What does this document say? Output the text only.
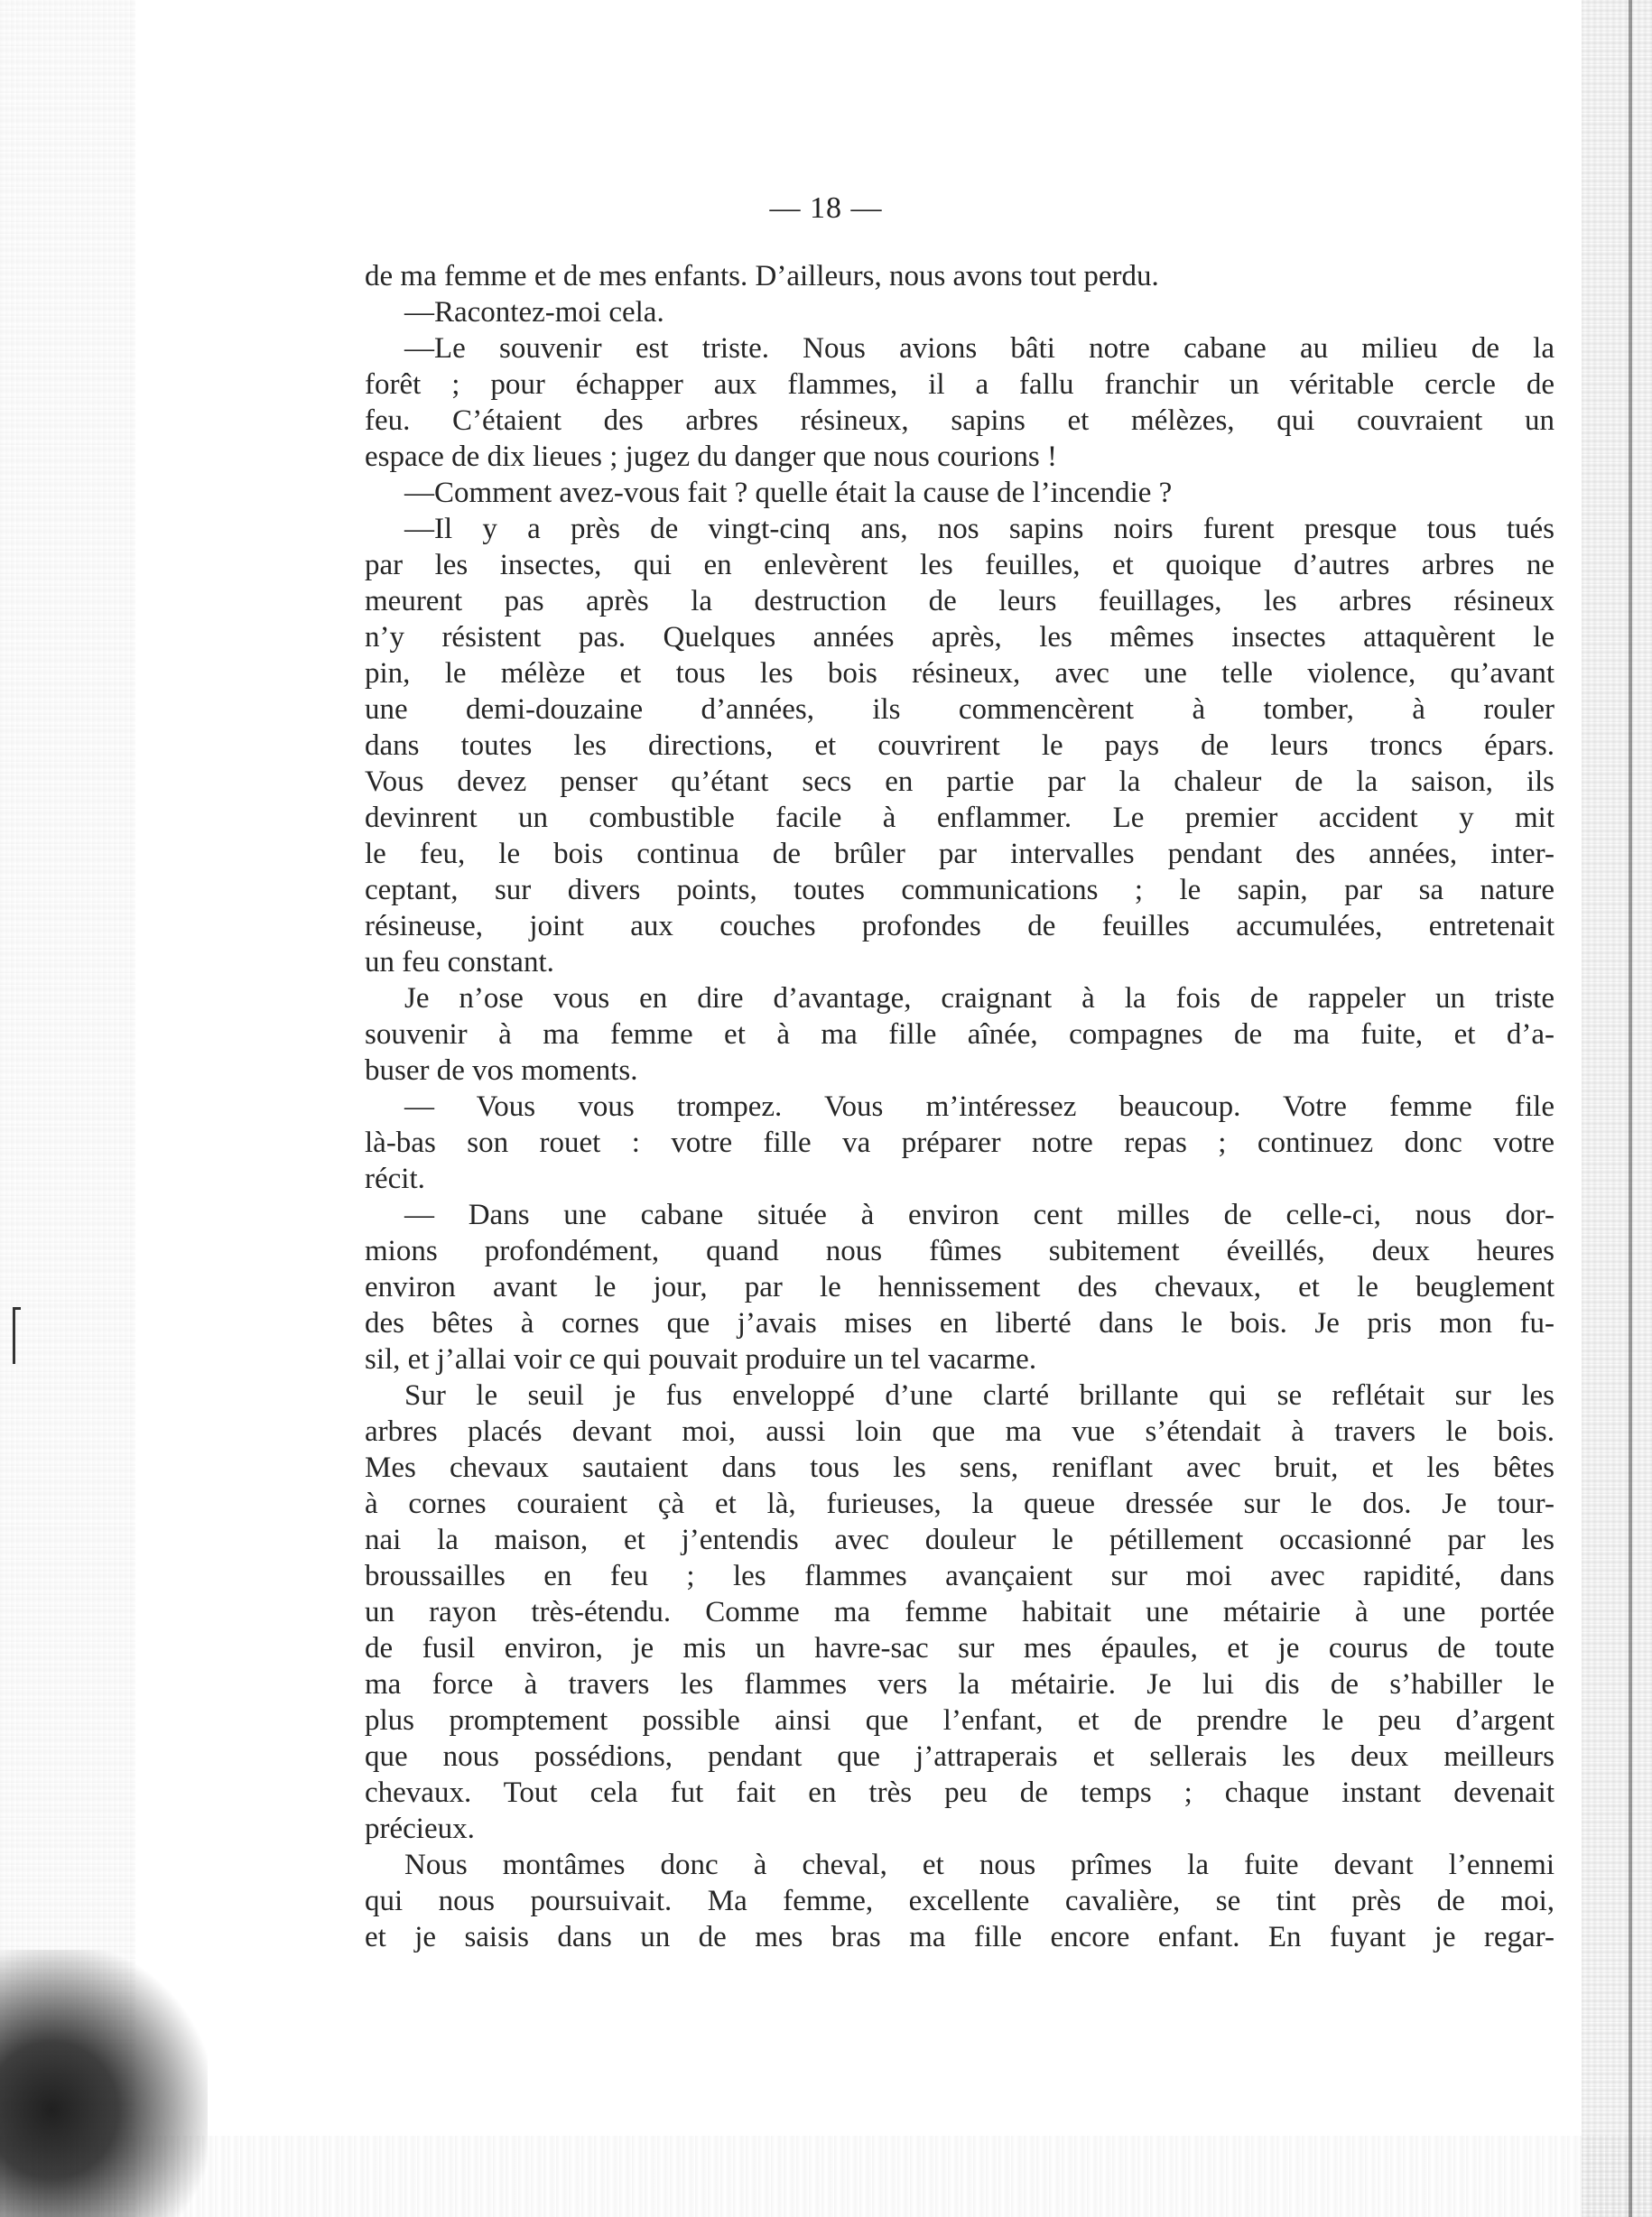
— 18 —
de ma femme et de mes enfants. D’ailleurs, nous avons tout perdu.
—Racontez-moi cela.
—Le souvenir est triste. Nous avions bâti notre cabane au milieu de la
forêt ; pour échapper aux flammes, il a fallu franchir un véritable cercle de
feu. C’étaient des arbres résineux, sapins et mélèzes, qui couvraient un
espace de dix lieues ; jugez du danger que nous courions !
—Comment avez-vous fait ? quelle était la cause de l’incendie ?
—Il y a près de vingt-cinq ans, nos sapins noirs furent presque tous tués
par les insectes, qui en enlevèrent les feuilles, et quoique d’autres arbres ne
meurent pas après la destruction de leurs feuillages, les arbres résineux
n’y résistent pas. Quelques années après, les mêmes insectes attaquèrent le
pin, le mélèze et tous les bois résineux, avec une telle violence, qu’avant
une demi-douzaine d’années, ils commencèrent à tomber, à rouler
dans toutes les directions, et couvrirent le pays de leurs troncs épars.
Vous devez penser qu’étant secs en partie par la chaleur de la saison, ils
devinrent un combustible facile à enflammer. Le premier accident y mit
le feu, le bois continua de brûler par intervalles pendant des années, inter-
ceptant, sur divers points, toutes communications ; le sapin, par sa nature
résineuse, joint aux couches profondes de feuilles accumulées, entretenait
un feu constant.
Je n’ose vous en dire d’avantage, craignant à la fois de rappeler un triste
souvenir à ma femme et à ma fille aînée, compagnes de ma fuite, et d’a-
buser de vos moments.
— Vous vous trompez. Vous m’intéressez beaucoup. Votre femme file
là-bas son rouet : votre fille va préparer notre repas ; continuez donc votre
récit.
— Dans une cabane située à environ cent milles de celle-ci, nous dor-
mions profondément, quand nous fûmes subitement éveillés, deux heures
environ avant le jour, par le hennissement des chevaux, et le beuglement
des bêtes à cornes que j’avais mises en liberté dans le bois. Je pris mon fu-
sil, et j’allai voir ce qui pouvait produire un tel vacarme.
Sur le seuil je fus enveloppé d’une clarté brillante qui se reflétait sur les
arbres placés devant moi, aussi loin que ma vue s’étendait à travers le bois.
Mes chevaux sautaient dans tous les sens, reniflant avec bruit, et les bêtes
à cornes couraient çà et là, furieuses, la queue dressée sur le dos. Je tour-
nai la maison, et j’entendis avec douleur le pétillement occasionné par les
broussailles en feu ; les flammes avançaient sur moi avec rapidité, dans
un rayon très-étendu. Comme ma femme habitait une métairie à une portée
de fusil environ, je mis un havre-sac sur mes épaules, et je courus de toute
ma force à travers les flammes vers la métairie. Je lui dis de s’habiller le
plus promptement possible ainsi que l’enfant, et de prendre le peu d’argent
que nous possédions, pendant que j’attraperais et sellerais les deux meilleurs
chevaux. Tout cela fut fait en très peu de temps ; chaque instant devenait
précieux.
Nous montâmes donc à cheval, et nous prîmes la fuite devant l’ennemi
qui nous poursuivait. Ma femme, excellente cavalière, se tint près de moi,
et je saisis dans un de mes bras ma fille encore enfant. En fuyant je regar-
